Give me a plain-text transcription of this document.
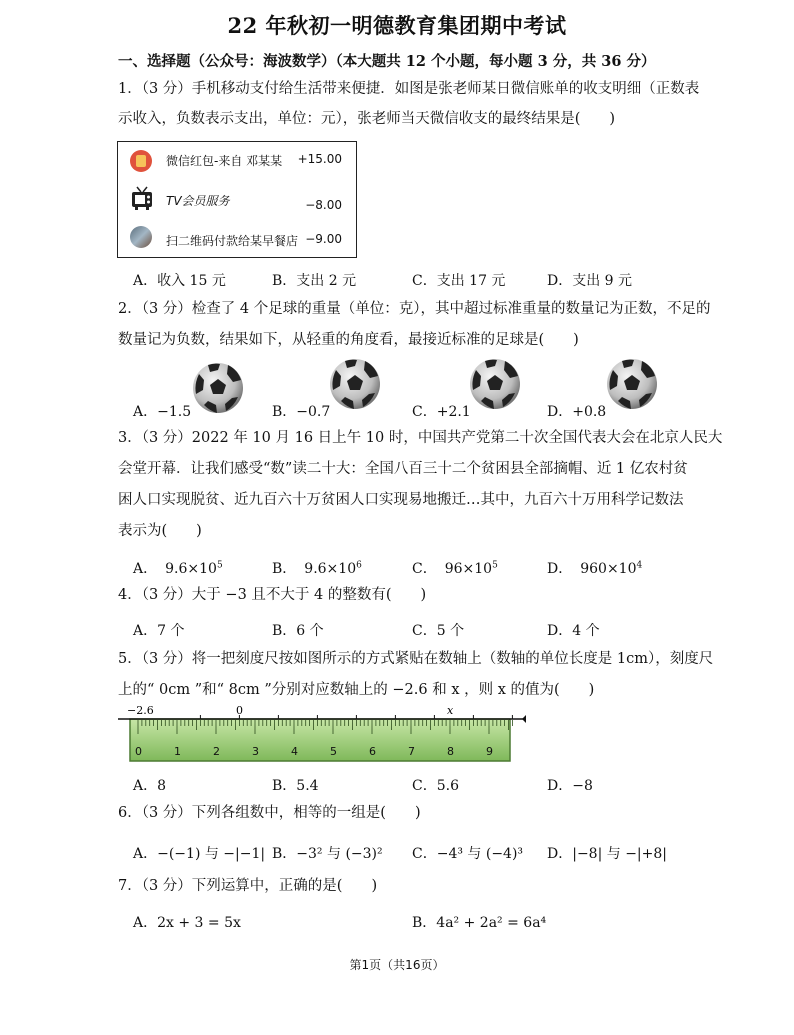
22 年秋初一明德教育集团期中考试
一、选择题（公众号：海波数学）（本大题共 12 个小题，每小题 3 分，共 36 分）
1．（3 分）手机移动支付给生活带来便捷．如图是张老师某日微信账单的收支明细（正数表
示收入，负数表示支出，单位：元），张老师当天微信收支的最终结果是(　　)
微信红包-来自 邓某某 +15.00
TV会员服务	−8.00
扫二维码付款给某早餐店 −9.00
A．收入 15 元	B．支出 2 元	C．支出 17 元	D．支出 9 元
2．（3 分）检查了 4 个足球的重量（单位：克），其中超过标准重量的数量记为正数，不足的
数量记为负数，结果如下，从轻重的角度看，最接近标准的足球是(　　)
A．−1.5	B．−0.7	C．+2.1	D．+0.8
3．（3 分）2022 年 10 月 16 日上午 10 时，中国共产党第二十次全国代表大会在北京人民大
会堂开幕．让我们感受“数”读二十大：全国八百三十二个贫困县全部摘帽、近 1 亿农村贫
困人口实现脱贫、近九百六十万贫困人口实现易地搬迁…其中，九百六十万用科学记数法
表示为(　　)
A． $9.6\times 10^5$	B． $9.6\times 10^6$	C． $96\times 10^5$	D． $960\times 10^4$
4．（3 分）大于 −3 且不大于 4 的整数有(　　)
A．7 个	B．6 个	C．5 个	D．4 个
5．（3 分）将一把刻度尺按如图所示的方式紧贴在数轴上（数轴的单位长度是 1cm），刻度尺
上的“ 0cm ”和“ 8cm ”分别对应数轴上的 −2.6 和 x ，则 x 的值为(　　)
−2.6	0	x
0	1	2	3	4	5	6	7	8	9
A．8	B．5.4	C．5.6	D．−8
6．（3 分）下列各组数中，相等的一组是(　　)
A．−(−1) 与 −|−1| B．−3² 与 (−3)² C．−4³ 与 (−4)³ D．|−8| 与 −|+8|
7．（3 分）下列运算中，正确的是(　　)
A．2x + 3 = 5x	B．4a² + 2a² = 6a⁴
第1页（共16页）
